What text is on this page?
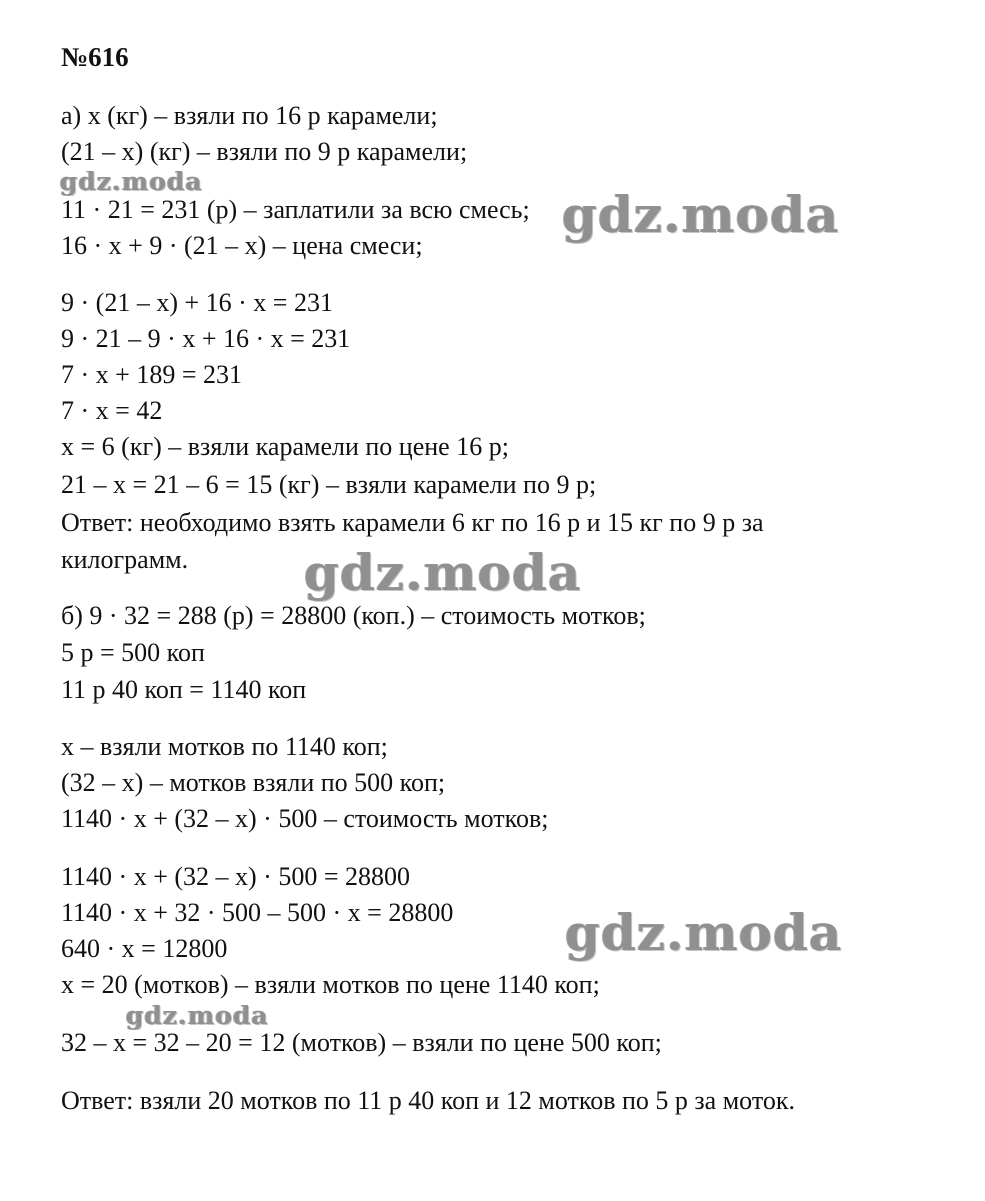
№616
а) х (кг) – взяли по 16 р карамели;
(21 – х) (кг) – взяли по 9 р карамели;
11 · 21 = 231 (р) – заплатили за всю смесь;
16 · х + 9 · (21 – х) – цена смеси;
9 · (21 – х) + 16 · х = 231
9 · 21 – 9 · х + 16 · х = 231
7 · х + 189 = 231
7 · х = 42
х = 6 (кг) – взяли карамели по цене 16 р;
21 – х = 21 – 6 = 15 (кг) – взяли карамели по 9 р;
Ответ: необходимо взять карамели 6 кг по 16 р и 15 кг по 9 р за
килограмм.
б) 9 · 32 = 288 (р) = 28800 (коп.) – стоимость мотков;
5 р = 500 коп
11 р 40 коп = 1140 коп
х – взяли мотков по 1140 коп;
(32 – х) – мотков взяли по 500 коп;
1140 · х + (32 – х) · 500 – стоимость мотков;
1140 · х + (32 – х) · 500 = 28800
1140 · х + 32 · 500 – 500 · х = 28800
640 · х = 12800
х = 20 (мотков) – взяли мотков по цене 1140 коп;
32 – х = 32 – 20 = 12 (мотков) – взяли по цене 500 коп;
Ответ: взяли 20 мотков по 11 р 40 коп и 12 мотков по 5 р за моток.
gdz.moda
gdz.moda
gdz.moda
gdz.moda
gdz.moda
